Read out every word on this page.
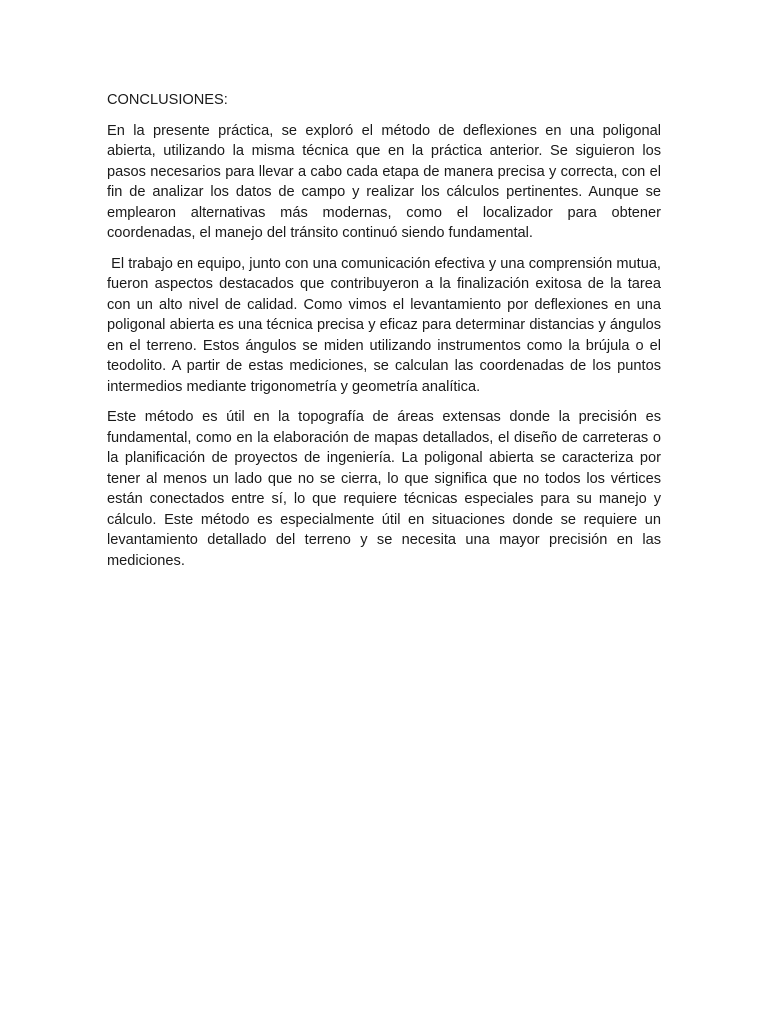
CONCLUSIONES:

En la presente práctica, se exploró el método de deflexiones en una poligonal abierta, utilizando la misma técnica que en la práctica anterior. Se siguieron los pasos necesarios para llevar a cabo cada etapa de manera precisa y correcta, con el fin de analizar los datos de campo y realizar los cálculos pertinentes. Aunque se emplearon alternativas más modernas, como el localizador para obtener coordenadas, el manejo del tránsito continuó siendo fundamental.

El trabajo en equipo, junto con una comunicación efectiva y una comprensión mutua, fueron aspectos destacados que contribuyeron a la finalización exitosa de la tarea con un alto nivel de calidad. Como vimos el levantamiento por deflexiones en una poligonal abierta es una técnica precisa y eficaz para determinar distancias y ángulos en el terreno. Estos ángulos se miden utilizando instrumentos como la brújula o el teodolito. A partir de estas mediciones, se calculan las coordenadas de los puntos intermedios mediante trigonometría y geometría analítica.

Este método es útil en la topografía de áreas extensas donde la precisión es fundamental, como en la elaboración de mapas detallados, el diseño de carreteras o la planificación de proyectos de ingeniería. La poligonal abierta se caracteriza por tener al menos un lado que no se cierra, lo que significa que no todos los vértices están conectados entre sí, lo que requiere técnicas especiales para su manejo y cálculo. Este método es especialmente útil en situaciones donde se requiere un levantamiento detallado del terreno y se necesita una mayor precisión en las mediciones.
